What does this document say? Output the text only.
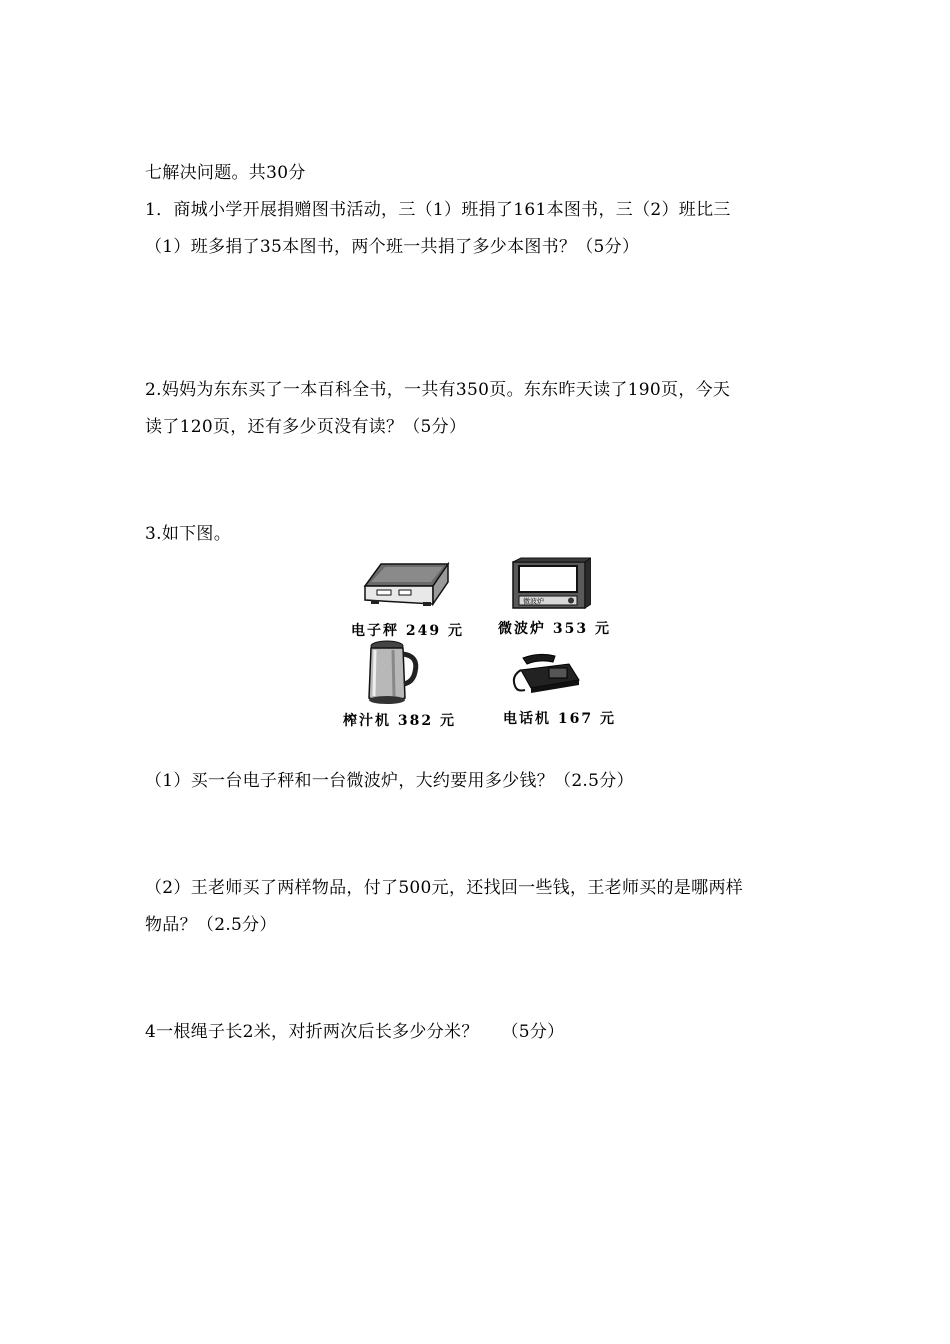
七解决问题。共30分
1．商城小学开展捐赠图书活动，三（1）班捐了161本图书，三（2）班比三
（1）班多捐了35本图书，两个班一共捐了多少本图书？（5分）
2.妈妈为东东买了一本百科全书，一共有350页。东东昨天读了190页，今天
读了120页，还有多少页没有读？（5分）
3.如下图。
电子秤 249 元
微波炉
微波炉 353 元
榨汁机 382 元	电话机 167 元
（1）买一台电子秤和一台微波炉，大约要用多少钱？（2.5分）
（2）王老师买了两样物品，付了500元，还找回一些钱，王老师买的是哪两样
物品？（2.5分）
4一根绳子长2米，对折两次后长多少分米？    （5分）
